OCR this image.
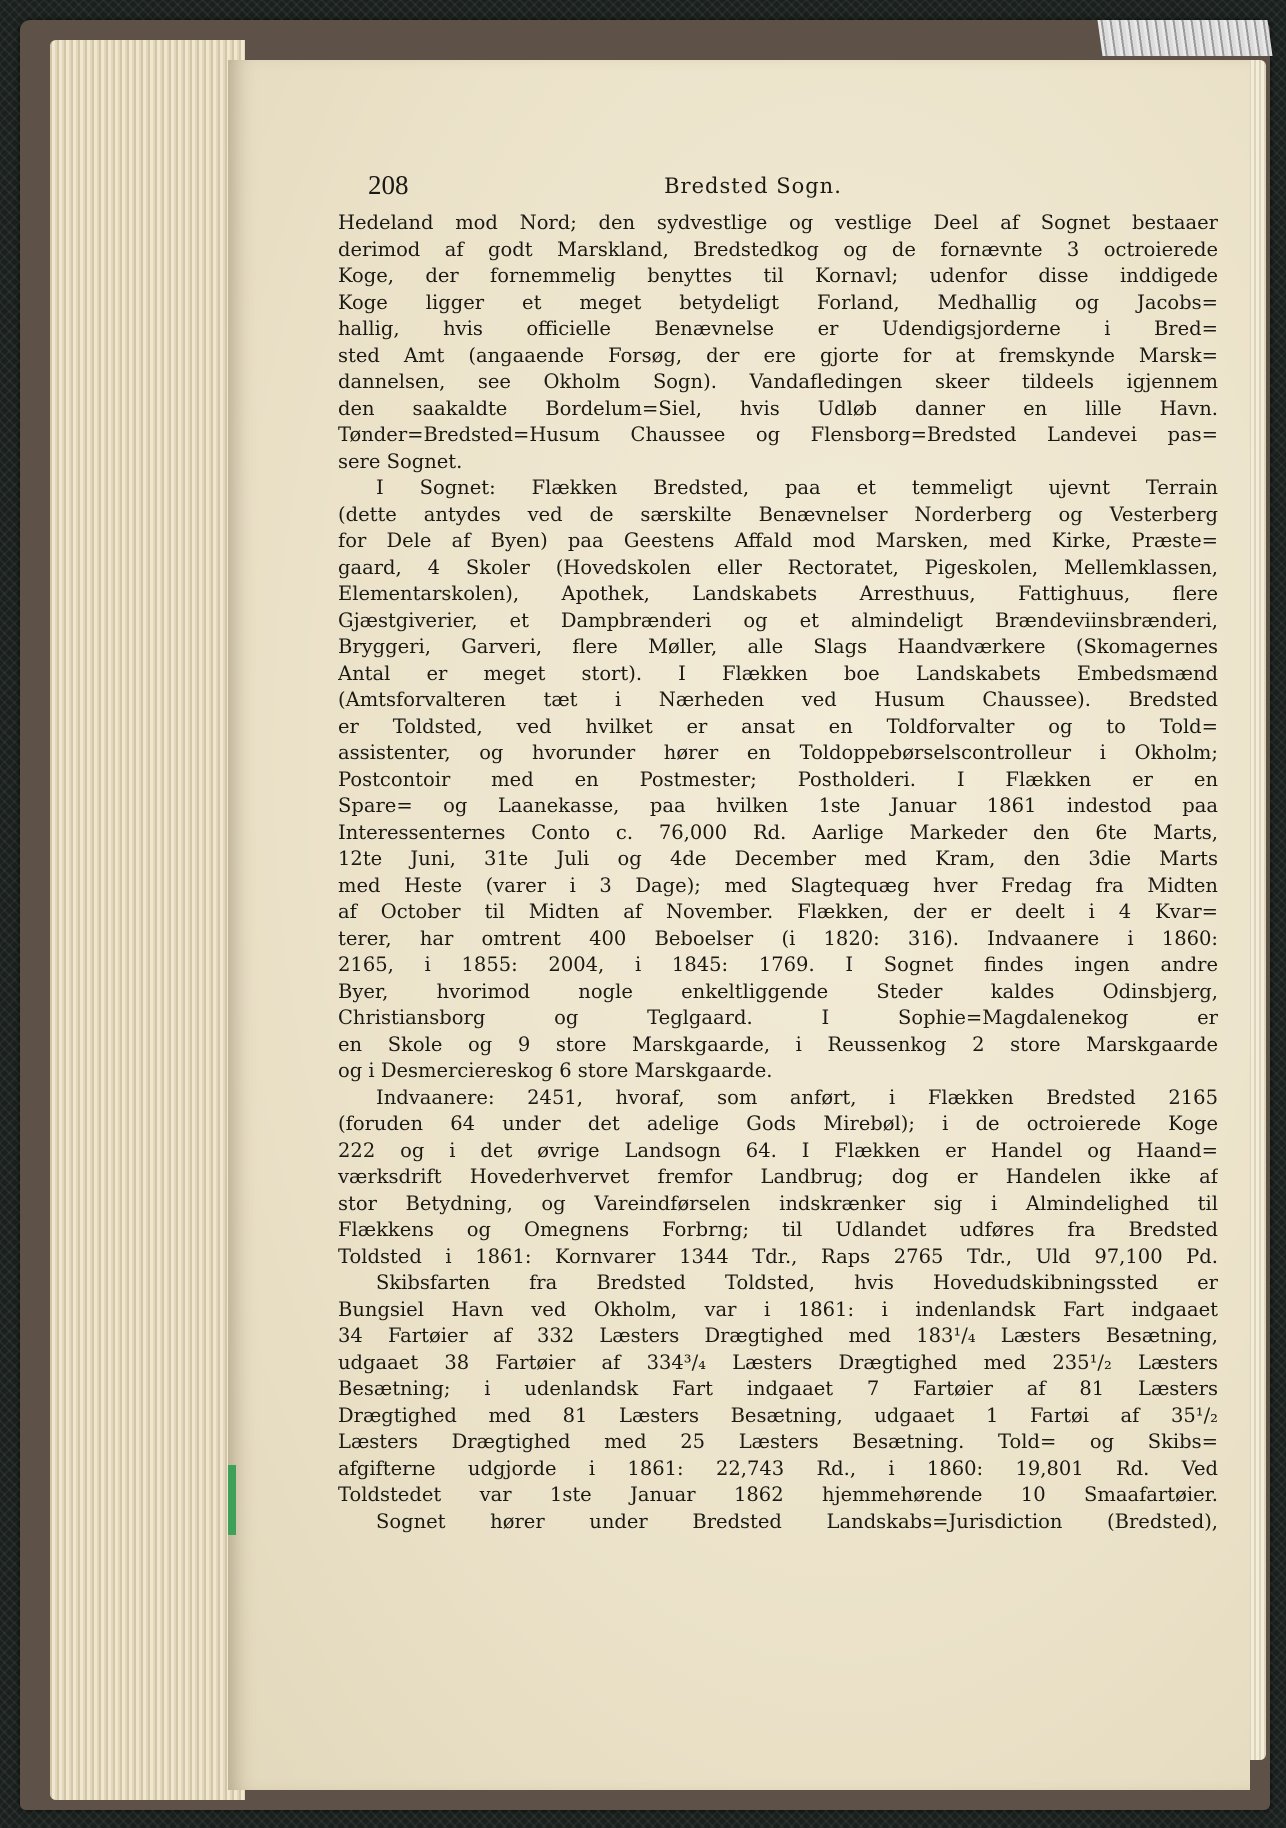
208	Bredsted Sogn.
Hedeland mod Nord; den sydvestlige og vestlige Deel af Sognet bestaaer
derimod af godt Marskland, Bredstedkog og de fornævnte 3 octroierede
Koge, der fornemmelig benyttes til Kornavl; udenfor disse inddigede
Koge ligger et meget betydeligt Forland, Medhallig og Jacobs=
hallig, hvis officielle Benævnelse er Udendigsjorderne i Bred=
sted Amt (angaaende Forsøg, der ere gjorte for at fremskynde Marsk=
dannelsen, see Okholm Sogn). Vandafledingen skeer tildeels igjennem
den saakaldte Bordelum=Siel, hvis Udløb danner en lille Havn.
Tønder=Bredsted=Husum Chaussee og Flensborg=Bredsted Landevei pas=
sere Sognet.
I Sognet: Flækken Bredsted, paa et temmeligt ujevnt Terrain
(dette antydes ved de særskilte Benævnelser Norderberg og Vesterberg
for Dele af Byen) paa Geestens Affald mod Marsken, med Kirke, Præste=
gaard, 4 Skoler (Hovedskolen eller Rectoratet, Pigeskolen, Mellemklassen,
Elementarskolen), Apothek, Landskabets Arresthuus, Fattighuus, flere
Gjæstgiverier, et Dampbrænderi og et almindeligt Brændeviinsbrænderi,
Bryggeri, Garveri, flere Møller, alle Slags Haandværkere (Skomagernes
Antal er meget stort). I Flækken boe Landskabets Embedsmænd
(Amtsforvalteren tæt i Nærheden ved Husum Chaussee). Bredsted
er Toldsted, ved hvilket er ansat en Toldforvalter og to Told=
assistenter, og hvorunder hører en Toldoppebørselscontrolleur i Okholm;
Postcontoir med en Postmester; Postholderi. I Flækken er en
Spare= og Laanekasse, paa hvilken 1ste Januar 1861 indestod paa
Interessenternes Conto c. 76,000 Rd. Aarlige Markeder den 6te Marts,
12te Juni, 31te Juli og 4de December med Kram, den 3die Marts
med Heste (varer i 3 Dage); med Slagtequæg hver Fredag fra Midten
af October til Midten af November. Flækken, der er deelt i 4 Kvar=
terer, har omtrent 400 Beboelser (i 1820: 316). Indvaanere i 1860:
2165, i 1855: 2004, i 1845: 1769. I Sognet findes ingen andre
Byer, hvorimod nogle enkeltliggende Steder kaldes Odinsbjerg,
Christiansborg og Teglgaard. I Sophie=Magdalenekog er
en Skole og 9 store Marskgaarde, i Reussenkog 2 store Marskgaarde
og i Desmerciereskog 6 store Marskgaarde.
Indvaanere: 2451, hvoraf, som anført, i Flækken Bredsted 2165
(foruden 64 under det adelige Gods Mirebøl); i de octroierede Koge
222 og i det øvrige Landsogn 64. I Flækken er Handel og Haand=
værksdrift Hovederhvervet fremfor Landbrug; dog er Handelen ikke af
stor Betydning, og Vareindførselen indskrænker sig i Almindelighed til
Flækkens og Omegnens Forbrng; til Udlandet udføres fra Bredsted
Toldsted i 1861: Kornvarer 1344 Tdr., Raps 2765 Tdr., Uld 97,100 Pd.
Skibsfarten fra Bredsted Toldsted, hvis Hovedudskibningssted er
Bungsiel Havn ved Okholm, var i 1861: i indenlandsk Fart indgaaet
34 Fartøier af 332 Læsters Drægtighed med 183¹/₄ Læsters Besætning,
udgaaet 38 Fartøier af 334³/₄ Læsters Drægtighed med 235¹/₂ Læsters
Besætning; i udenlandsk Fart indgaaet 7 Fartøier af 81 Læsters
Drægtighed med 81 Læsters Besætning, udgaaet 1 Fartøi af 35¹/₂
Læsters Drægtighed med 25 Læsters Besætning. Told= og Skibs=
afgifterne udgjorde i 1861: 22,743 Rd., i 1860: 19,801 Rd. Ved
Toldstedet var 1ste Januar 1862 hjemmehørende 10 Smaafartøier.
Sognet hører under Bredsted Landskabs=Jurisdiction (Bredsted),
